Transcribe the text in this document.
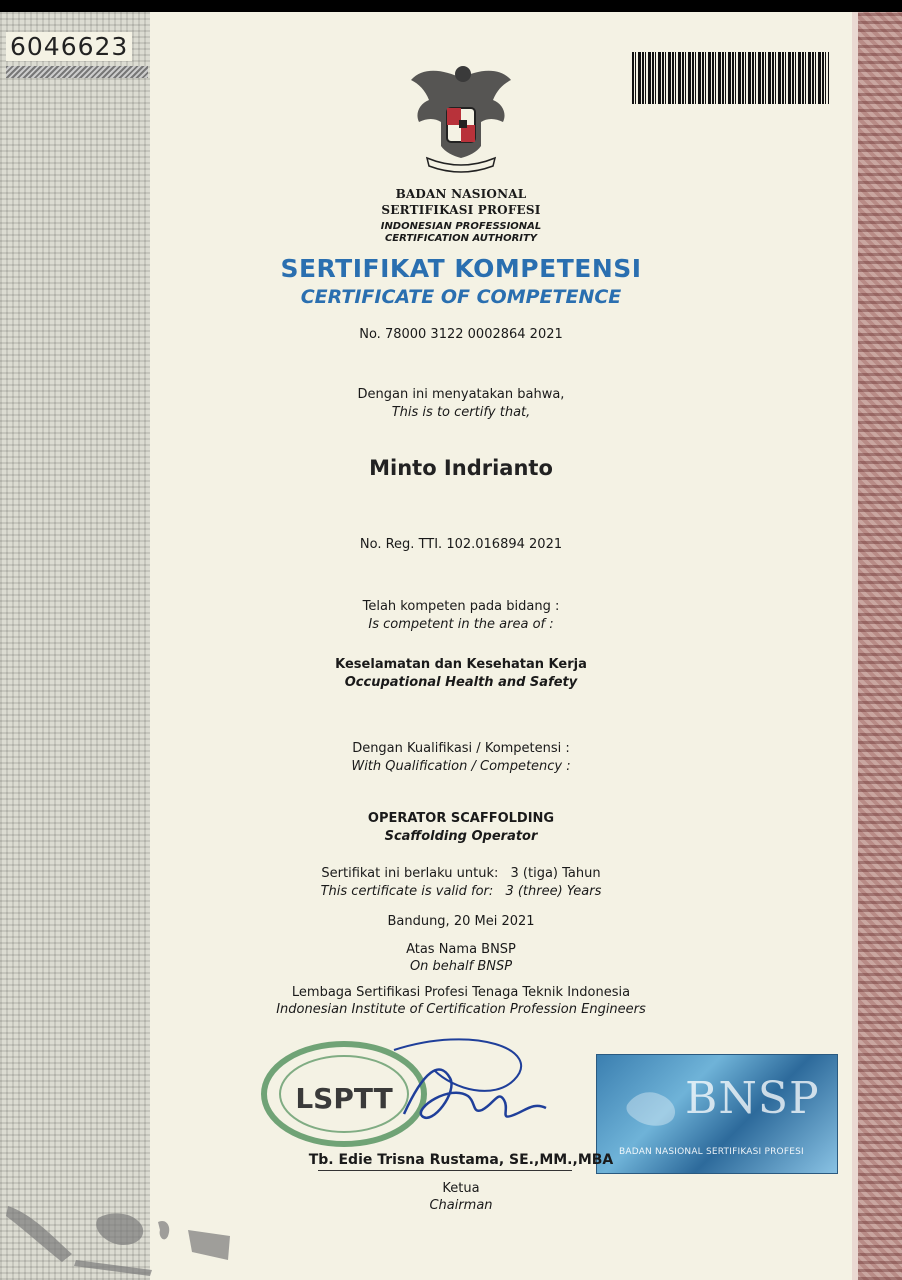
6046623
BADAN NASIONAL
SERTIFIKASI PROFESI
INDONESIAN PROFESSIONAL
CERTIFICATION AUTHORITY
SERTIFIKAT KOMPETENSI
CERTIFICATE OF COMPETENCE
No. 78000 3122 0002864 2021
Dengan ini menyatakan bahwa,
This is to certify that,
Minto Indrianto
No. Reg. TTI. 102.016894 2021
Telah kompeten pada bidang :
Is competent in the area of :
Keselamatan dan Kesehatan Kerja
Occupational Health and Safety
Dengan Kualifikasi / Kompetensi :
With Qualification / Competency :
OPERATOR SCAFFOLDING
Scaffolding Operator
Sertifikat ini berlaku untuk: 3 (tiga) Tahun
This certificate is valid for: 3 (three) Years
Bandung, 20 Mei 2021
Atas Nama BNSP
On behalf BNSP
Lembaga Sertifikasi Profesi Tenaga Teknik Indonesia
Indonesian Institute of Certification Profession Engineers
LSPTT	BNSP
BADAN NASIONAL SERTIFIKASI PROFESI
Tb. Edie Trisna Rustama, SE.,MM.,MBA
Ketua
Chairman
